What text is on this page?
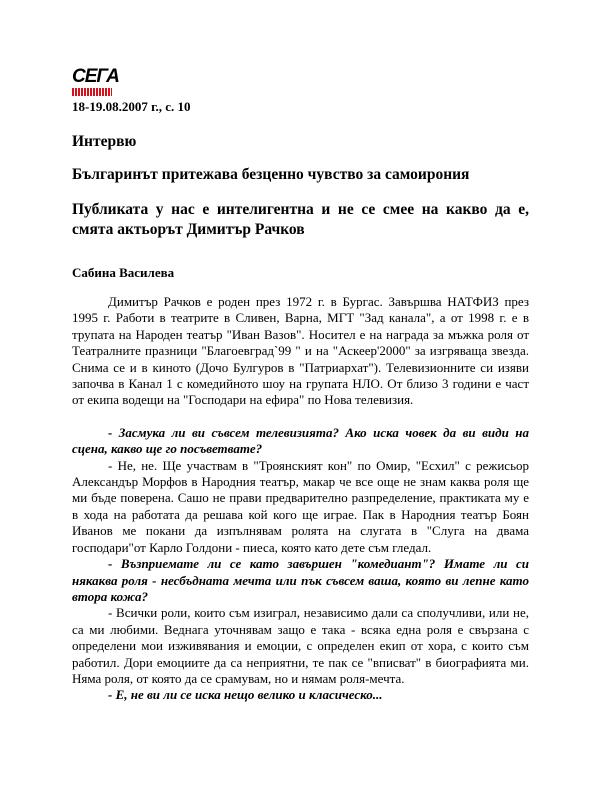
СЕГА
18-19.08.2007 г., с. 10
Интервю
Българинът притежава безценно чувство за самоирония
Публиката у нас е интелигентна и не се смее на какво да е, смята актьорът Димитър Рачков
Сабина Василева

Димитър Рачков е роден през 1972 г. в Бургас. Завършва НАТФИЗ през 1995 г. Работи в театрите в Сливен, Варна, МГТ "Зад канала", а от 1998 г. е в трупата на Народен театър "Иван Вазов". Носител е на награда за мъжка роля от Театралните празници "Благоевград`99 " и на "Аскеер'2000" за изгряваща звезда. Снима се и в киното (Дочо Булгуров в "Патриархат"). Телевизионните си изяви започва в Канал 1 с комедийното шоу на групата НЛО. От близо 3 години е част от екипа водещи на "Господари на ефира" по Нова телевизия.

- Засмука ли ви съвсем телевизията? Ако иска човек да ви види на сцена, какво ще го посъветвате?

- Не, не. Ще участвам в "Троянският кон" по Омир, "Есхил" с режисьор Александър Морфов в Народния театър, макар че все още не знам каква роля ще ми бъде поверена. Сашо не прави предварително разпределение, практиката му е в хода на работата да решава кой кого ще играе. Пак в Народния театър Боян Иванов ме покани да изпълнявам ролята на слугата в "Слуга на двама господари"от Карло Голдони - пиеса, която като дете съм гледал.

- Възприемате ли се като завършен "комедиант"? Имате ли си някаква роля - несбъдната мечта или пък съвсем ваша, която ви лепне като втора кожа?

- Всички роли, които съм изиграл, независимо дали са сполучливи, или не, са ми любими. Веднага уточнявам защо е така - всяка една роля е свързана с определени мои изживявания и емоции, с определен екип от хора, с които съм работил. Дори емоциите да са неприятни, те пак се "вписват" в биографията ми. Няма роля, от която да се срамувам, но и нямам роля-мечта.

- Е, не ви ли се иска нещо велико и класическо...
